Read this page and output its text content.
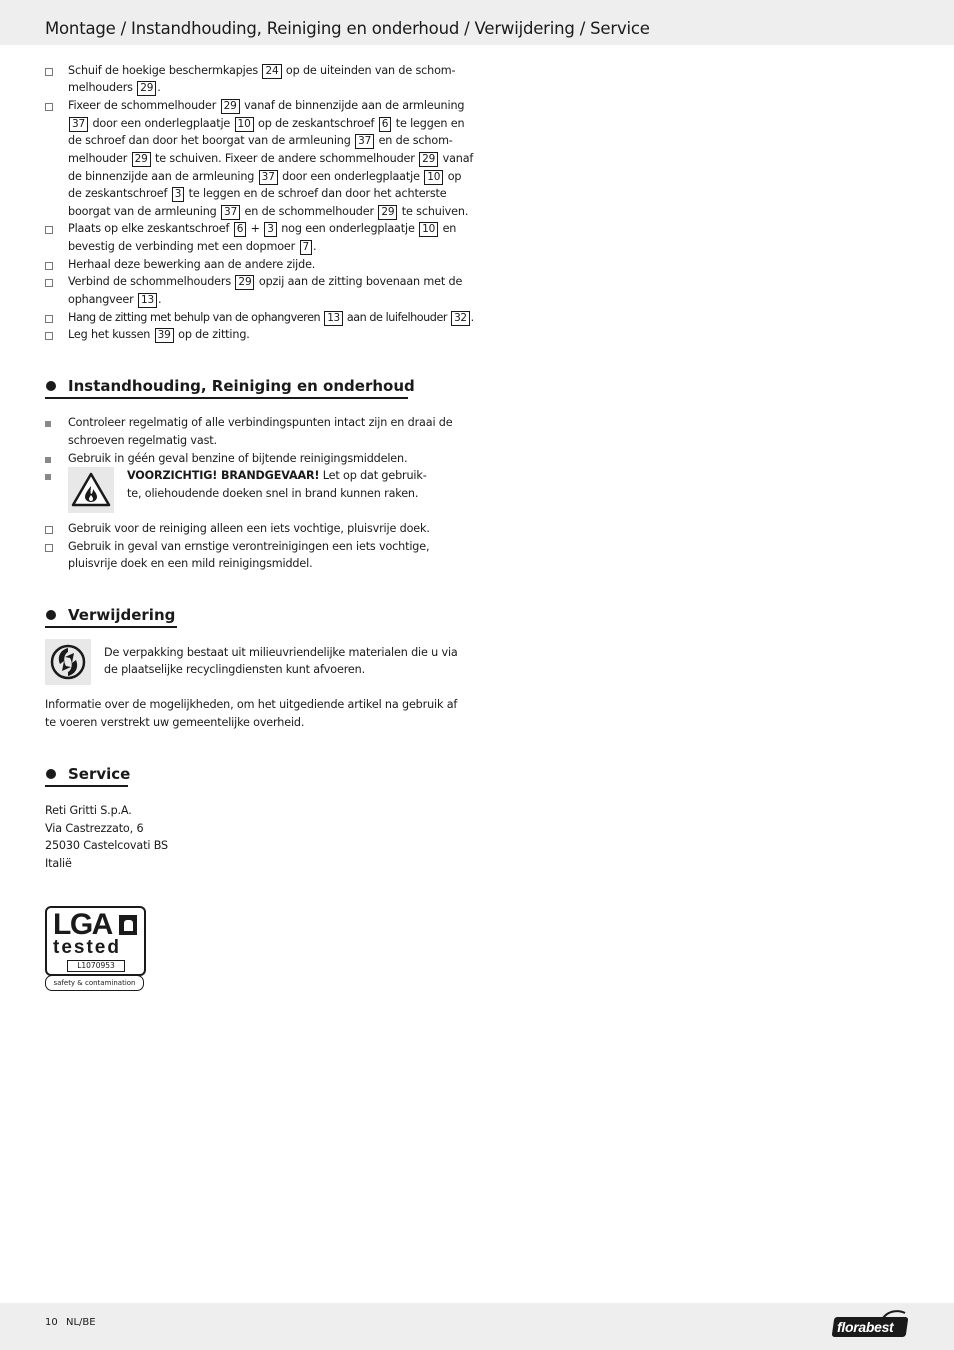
Montage / Instandhouding, Reiniging en onderhoud / Verwijdering / Service
Schuif de hoekige beschermkapjes 24 op de uiteinden van de schom-
melhouders 29 .
Fixeer de schommelhouder 29 vanaf de binnenzijde aan de armleuning
37 door een onderlegplaatje 10 op de zeskantschroef 6 te leggen en
de schroef dan door het boorgat van de armleuning 37 en de schom-
melhouder 29 te schuiven. Fixeer de andere schommelhouder 29 vanaf
de binnenzijde aan de armleuning 37 door een onderlegplaatje 10 op
de zeskantschroef 3 te leggen en de schroef dan door het achterste
boorgat van de armleuning 37 en de schommelhouder 29 te schuiven.
Plaats op elke zeskantschroef 6 + 3 nog een onderlegplaatje 10 en
bevestig de verbinding met een dopmoer 7 .
Herhaal deze bewerking aan de andere zijde.
Verbind de schommelhouders 29 opzij aan de zitting bovenaan met de
ophangveer 13 .
Hang de zitting met behulp van de ophangveren 13 aan de luifelhouder 32 .
Leg het kussen 39 op de zitting.
Instandhouding, Reiniging en onderhoud
Controleer regelmatig of alle verbindingspunten intact zijn en draai de
schroeven regelmatig vast.
Gebruik in géén geval benzine of bijtende reinigingsmiddelen.
VOORZICHTIG! BRANDGEVAAR! Let op dat gebruik-
te, oliehoudende doeken snel in brand kunnen raken.
Gebruik voor de reiniging alleen een iets vochtige, pluisvrije doek.
Gebruik in geval van ernstige verontreinigingen een iets vochtige,
pluisvrije doek en een mild reinigingsmiddel.
Verwijdering
De verpakking bestaat uit milieuvriendelijke materialen die u via
de plaatselijke recyclingdiensten kunt afvoeren.
Informatie over de mogelijkheden, om het uitgediende artikel na gebruik af
te voeren verstrekt uw gemeentelijke overheid.
Service
Reti Gritti S.p.A.
Via Castrezzato, 6
25030 Castelcovati BS
Italië
LGA
tested
L1070953
safety & contamination
10 NL/BE	florabest
